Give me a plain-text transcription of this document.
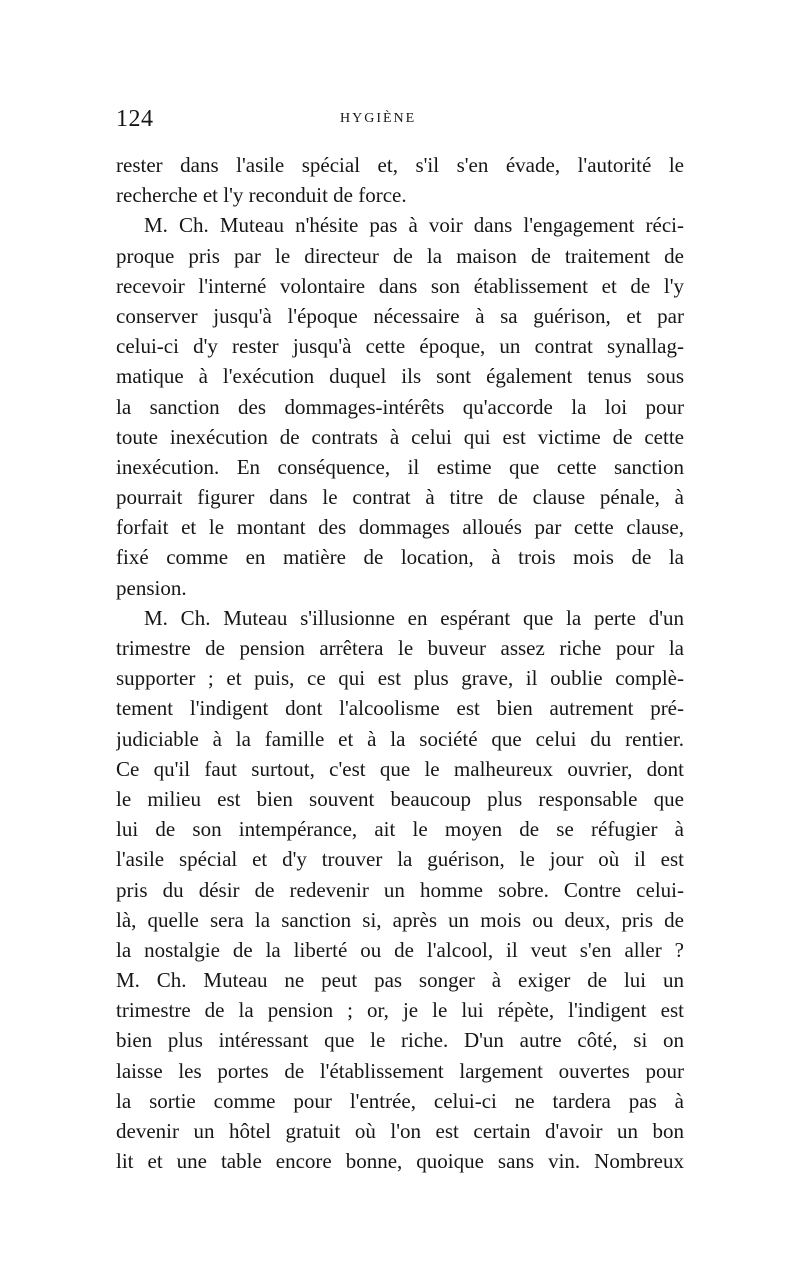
124	HYGIÈNE
rester dans l'asile spécial et, s'il s'en évade, l'autorité le
recherche et l'y reconduit de force.
M. Ch. Muteau n'hésite pas à voir dans l'engagement réci-
proque pris par le directeur de la maison de traitement de
recevoir l'interné volontaire dans son établissement et de l'y
conserver jusqu'à l'époque nécessaire à sa guérison, et par
celui-ci d'y rester jusqu'à cette époque, un contrat synallag-
matique à l'exécution duquel ils sont également tenus sous
la sanction des dommages-intérêts qu'accorde la loi pour
toute inexécution de contrats à celui qui est victime de cette
inexécution. En conséquence, il estime que cette sanction
pourrait figurer dans le contrat à titre de clause pénale, à
forfait et le montant des dommages alloués par cette clause,
fixé comme en matière de location, à trois mois de la
pension.
M. Ch. Muteau s'illusionne en espérant que la perte d'un
trimestre de pension arrêtera le buveur assez riche pour la
supporter ; et puis, ce qui est plus grave, il oublie complè-
tement l'indigent dont l'alcoolisme est bien autrement pré-
judiciable à la famille et à la société que celui du rentier.
Ce qu'il faut surtout, c'est que le malheureux ouvrier, dont
le milieu est bien souvent beaucoup plus responsable que
lui de son intempérance, ait le moyen de se réfugier à
l'asile spécial et d'y trouver la guérison, le jour où il est
pris du désir de redevenir un homme sobre. Contre celui-
là, quelle sera la sanction si, après un mois ou deux, pris de
la nostalgie de la liberté ou de l'alcool, il veut s'en aller ?
M. Ch. Muteau ne peut pas songer à exiger de lui un
trimestre de la pension ; or, je le lui répète, l'indigent est
bien plus intéressant que le riche. D'un autre côté, si on
laisse les portes de l'établissement largement ouvertes pour
la sortie comme pour l'entrée, celui-ci ne tardera pas à
devenir un hôtel gratuit où l'on est certain d'avoir un bon
lit et une table encore bonne, quoique sans vin. Nombreux
